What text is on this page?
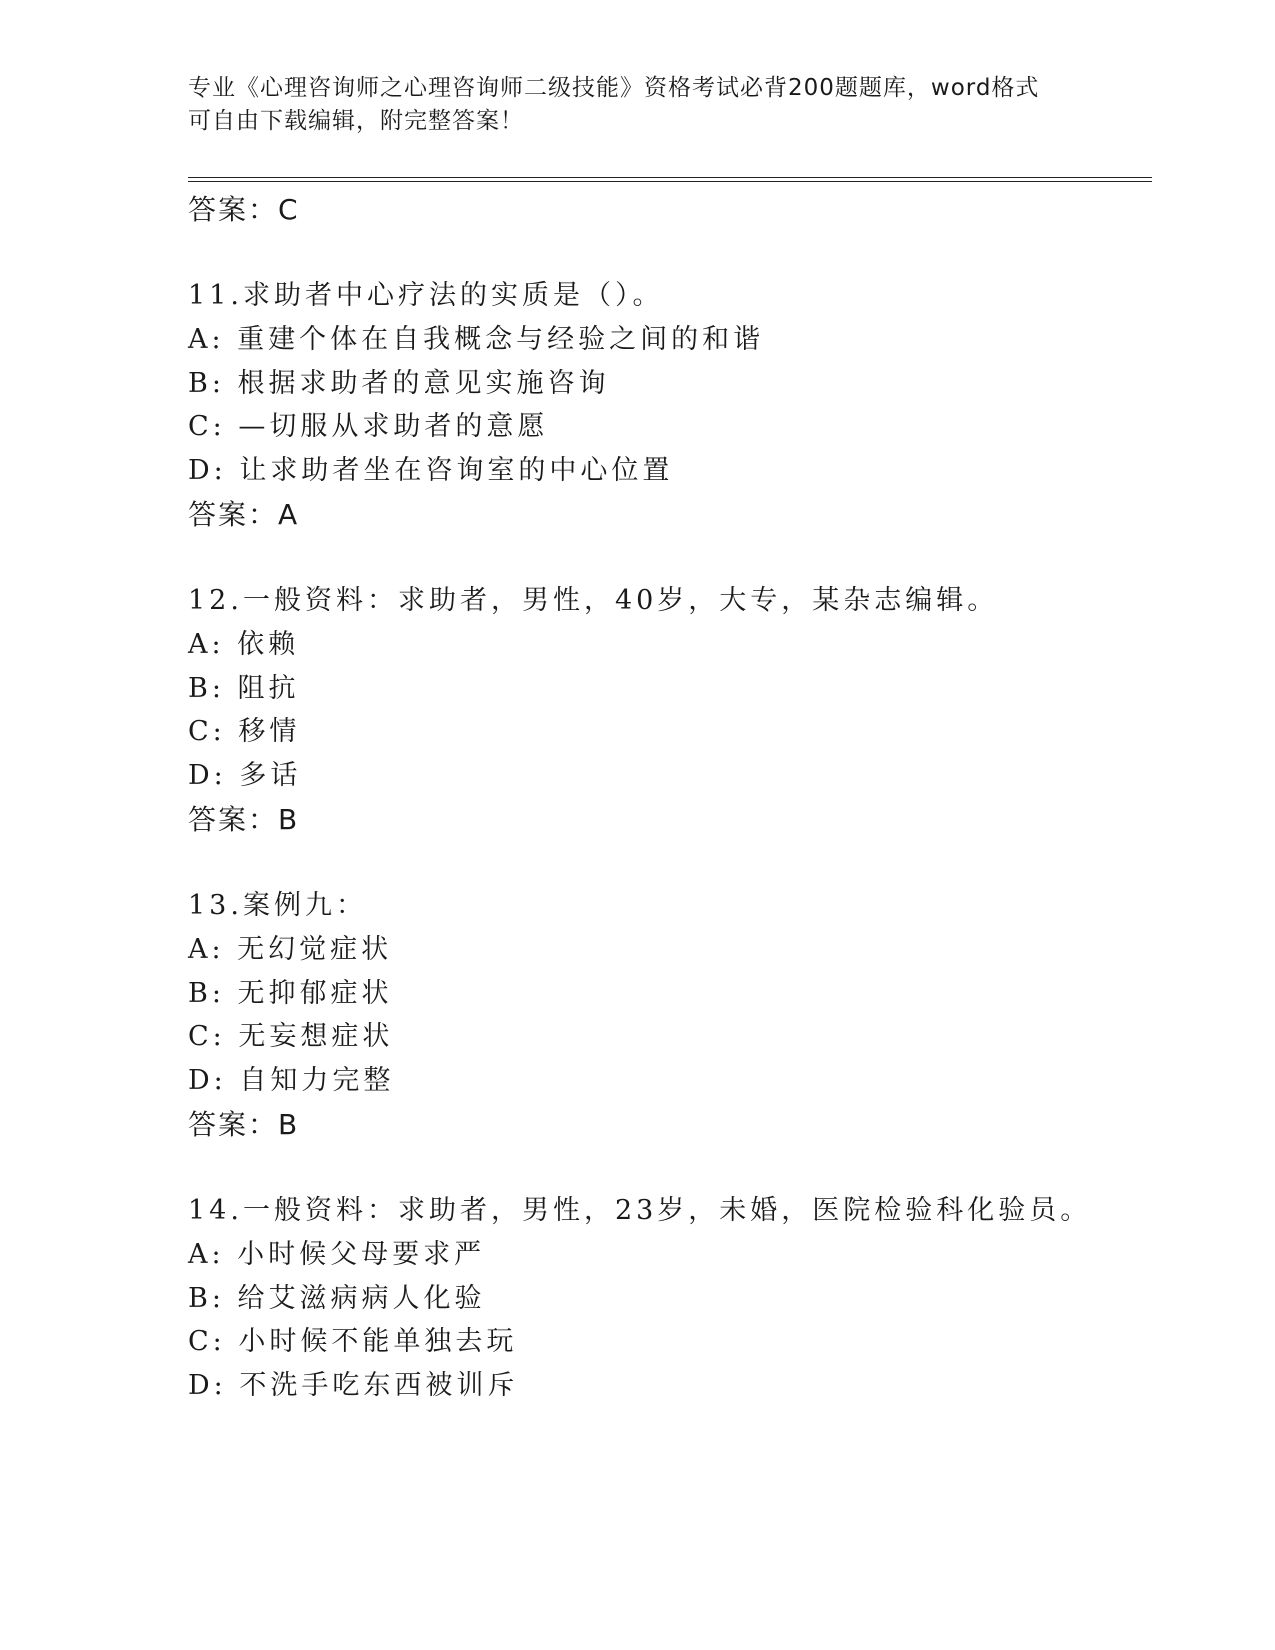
专业《心理咨询师之心理咨询师二级技能》资格考试必背200题题库，word格式
可自由下载编辑，附完整答案！
答案：C
11.求助者中心疗法的实质是（）。
A: 重建个体在自我概念与经验之间的和谐
B: 根据求助者的意见实施咨询
C: —切服从求助者的意愿
D: 让求助者坐在咨询室的中心位置
答案：A
12.一般资料：求助者，男性，40岁，大专，某杂志编辑。
A: 依赖
B: 阻抗
C: 移情
D: 多话
答案：B
13.案例九：
A: 无幻觉症状
B: 无抑郁症状
C: 无妄想症状
D: 自知力完整
答案：B
14.一般资料：求助者，男性，23岁，未婚，医院检验科化验员。
A: 小时候父母要求严
B: 给艾滋病病人化验
C: 小时候不能单独去玩
D: 不洗手吃东西被训斥
